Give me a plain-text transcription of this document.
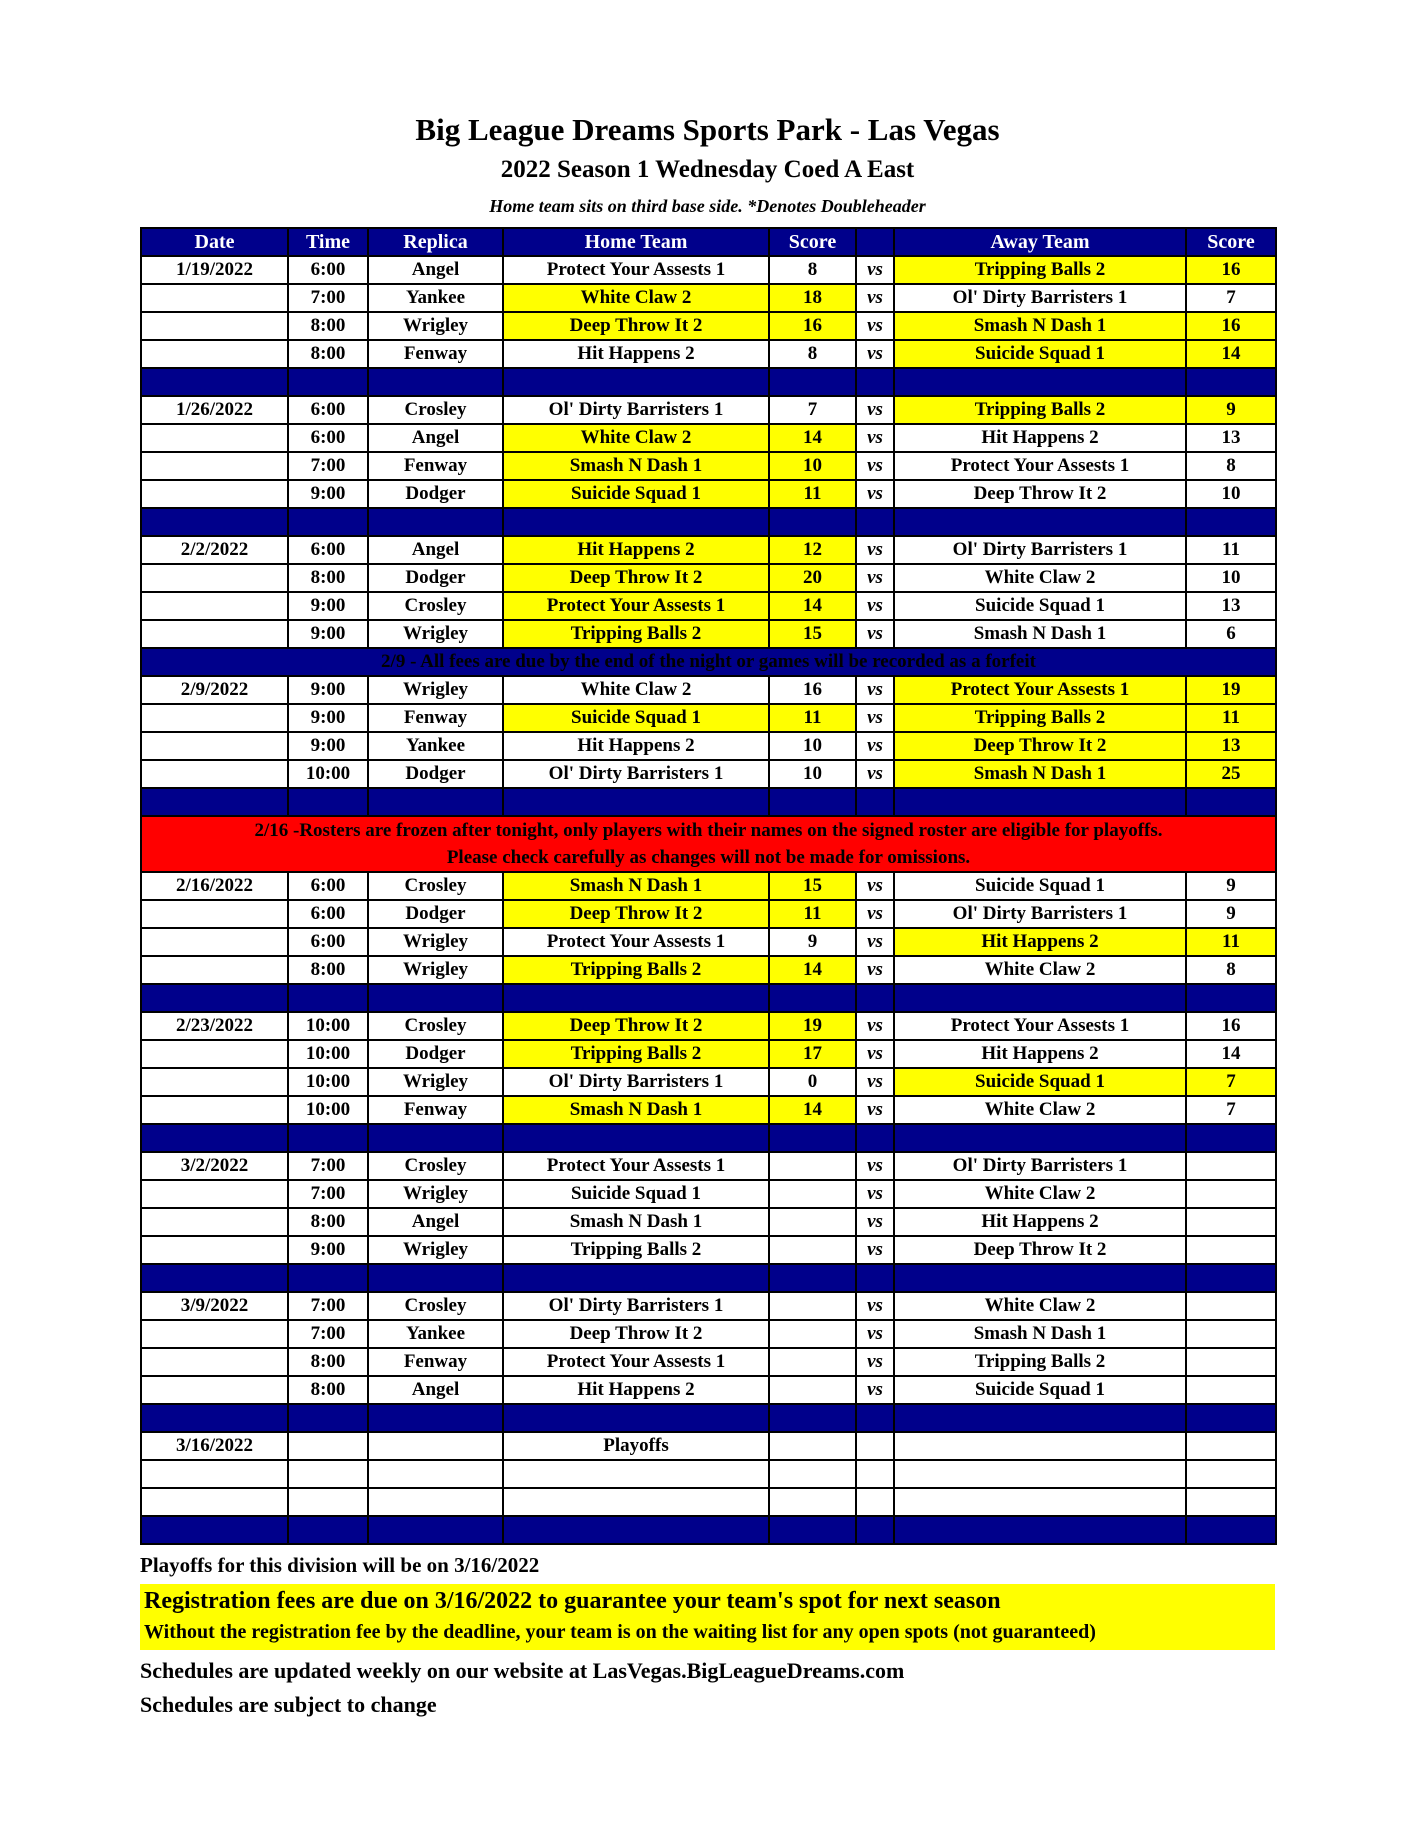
Big League Dreams Sports Park - Las Vegas
2022 Season 1 Wednesday Coed A East
Home team sits on third base side. *Denotes Doubleheader
Date	Time	Replica	Home Team	Score		Away Team	Score
1/19/2022	6:00	Angel	Protect Your Assests 1	8	vs	Tripping Balls 2	16
	7:00	Yankee	White Claw 2	18	vs	Ol' Dirty Barristers 1	7
	8:00	Wrigley	Deep Throw It 2	16	vs	Smash N Dash 1	16
	8:00	Fenway	Hit Happens 2	8	vs	Suicide Squad 1	14

1/26/2022	6:00	Crosley	Ol' Dirty Barristers 1	7	vs	Tripping Balls 2	9
	6:00	Angel	White Claw 2	14	vs	Hit Happens 2	13
	7:00	Fenway	Smash N Dash 1	10	vs	Protect Your Assests 1	8
	9:00	Dodger	Suicide Squad 1	11	vs	Deep Throw It 2	10

2/2/2022	6:00	Angel	Hit Happens 2	12	vs	Ol' Dirty Barristers 1	11
	8:00	Dodger	Deep Throw It 2	20	vs	White Claw 2	10
	9:00	Crosley	Protect Your Assests 1	14	vs	Suicide Squad 1	13
	9:00	Wrigley	Tripping Balls 2	15	vs	Smash N Dash 1	6

2/9 - All fees are due by the end of the night or games will be recorded as a forfeit							

2/9/2022	9:00	Wrigley	White Claw 2	16	vs	Protect Your Assests 1	19
	9:00	Fenway	Suicide Squad 1	11	vs	Tripping Balls 2	11
	9:00	Yankee	Hit Happens 2	10	vs	Deep Throw It 2	13
	10:00	Dodger	Ol' Dirty Barristers 1	10	vs	Smash N Dash 1	25

2/16 -Rosters are frozen after tonight, only players with their names on the signed roster are eligible for playoffs.
Please check carefully as changes will not be made for omissions.							

2/16/2022	6:00	Crosley	Smash N Dash 1	15	vs	Suicide Squad 1	9
	6:00	Dodger	Deep Throw It 2	11	vs	Ol' Dirty Barristers 1	9
	6:00	Wrigley	Protect Your Assests 1	9	vs	Hit Happens 2	11
	8:00	Wrigley	Tripping Balls 2	14	vs	White Claw 2	8

2/23/2022	10:00	Crosley	Deep Throw It 2	19	vs	Protect Your Assests 1	16
	10:00	Dodger	Tripping Balls 2	17	vs	Hit Happens 2	14
	10:00	Wrigley	Ol' Dirty Barristers 1	0	vs	Suicide Squad 1	7
	10:00	Fenway	Smash N Dash 1	14	vs	White Claw 2	7

3/2/2022	7:00	Crosley	Protect Your Assests 1		vs	Ol' Dirty Barristers 1	
	7:00	Wrigley	Suicide Squad 1		vs	White Claw 2	
	8:00	Angel	Smash N Dash 1		vs	Hit Happens 2	
	9:00	Wrigley	Tripping Balls 2		vs	Deep Throw It 2	

3/9/2022	7:00	Crosley	Ol' Dirty Barristers 1		vs	White Claw 2	
	7:00	Yankee	Deep Throw It 2		vs	Smash N Dash 1	
	8:00	Fenway	Protect Your Assests 1		vs	Tripping Balls 2	
	8:00	Angel	Hit Happens 2		vs	Suicide Squad 1	

3/16/2022			Playoffs				

Playoffs for this division will be on 3/16/2022
Registration fees are due on 3/16/2022 to guarantee your team's spot for next season
Without the registration fee by the deadline, your team is on the waiting list for any open spots (not guaranteed)
Schedules are updated weekly on our website at LasVegas.BigLeagueDreams.com
Schedules are subject to change
